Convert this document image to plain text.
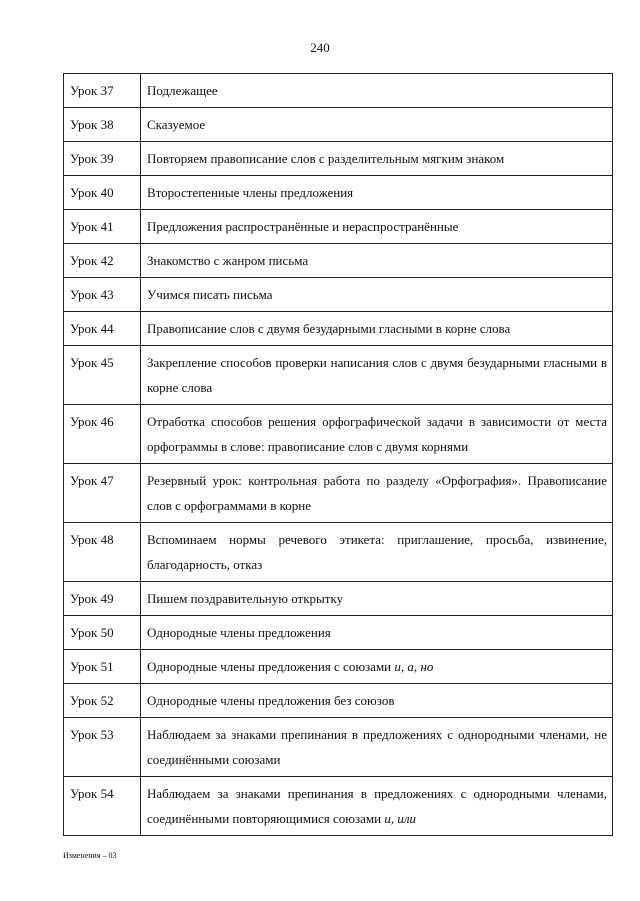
240
Урок 37	Подлежащее
Урок 38	Сказуемое
Урок 39	Повторяем правописание слов с разделительным мягким знаком
Урок 40	Второстепенные члены предложения
Урок 41	Предложения распространённые и нераспространённые
Урок 42	Знакомство с жанром письма
Урок 43	Учимся писать письма
Урок 44	Правописание слов с двумя безударными гласными в корне слова
Урок 45	Закрепление способов проверки написания слов с двумя безударными гласными в корне слова
Урок 46	Отработка способов решения орфографической задачи в зависимости от места орфограммы в слове: правописание слов с двумя корнями
Урок 47	Резервный урок: контрольная работа по разделу «Орфография». Правописание слов с орфограммами в корне
Урок 48	Вспоминаем нормы речевого этикета: приглашение, просьба, извинение, благодарность, отказ
Урок 49	Пишем поздравительную открытку
Урок 50	Однородные члены предложения
Урок 51	Однородные члены предложения с союзами и, а, но
Урок 52	Однородные члены предложения без союзов
Урок 53	Наблюдаем за знаками препинания в предложениях с однородными членами, не соединёнными союзами
Урок 54	Наблюдаем за знаками препинания в предложениях с однородными членами, соединёнными повторяющимися союзами и, или
Изменения – 03
